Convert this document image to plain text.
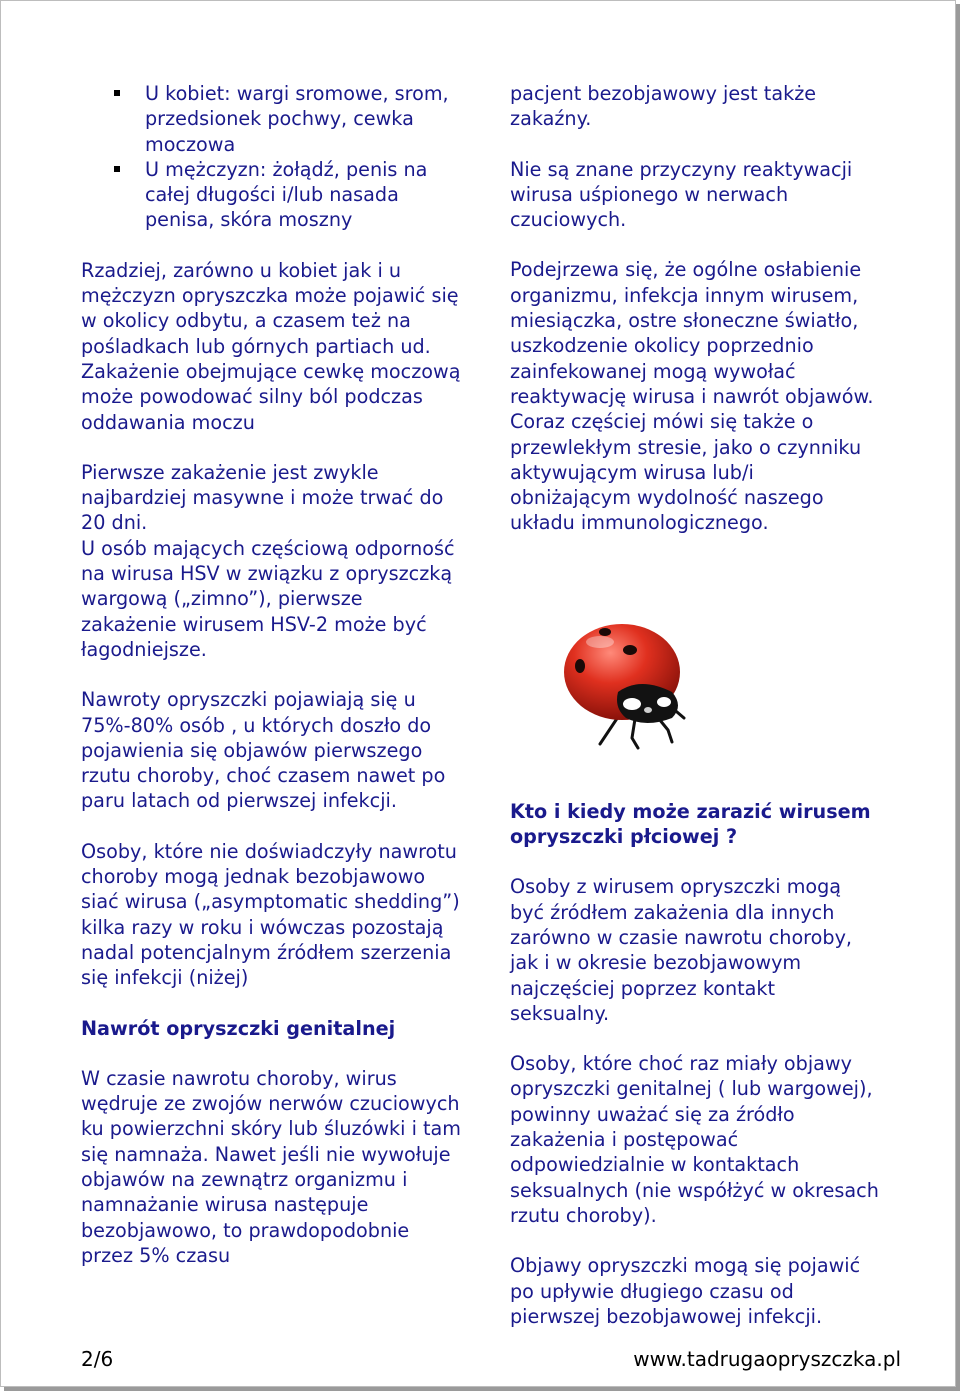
U kobiet: wargi sromowe, srom, przedsionek pochwy, cewka moczowa
U mężczyzn: żołądź, penis na całej długości i/lub nasada penisa, skóra moszny

Rzadziej, zarówno u kobiet jak i u mężczyzn opryszczka może pojawić się w okolicy odbytu, a czasem też na pośladkach lub górnych partiach ud.

Zakażenie obejmujące cewkę moczową może powodować silny ból podczas oddawania moczu

Pierwsze zakażenie jest zwykle najbardziej masywne i może trwać do 20 dni.

U osób mających częściową odporność na wirusa HSV w związku z opryszczką wargową („zimno”), pierwsze zakażenie wirusem HSV-2 może być łagodniejsze.

Nawroty opryszczki pojawiają się u 75%-80% osób , u których doszło do pojawienia się objawów pierwszego rzutu choroby, choć czasem nawet po paru latach od pierwszej infekcji.

Osoby, które nie doświadczyły nawrotu choroby mogą jednak bezobjawowo siać wirusa („asymptomatic shedding”) kilka razy w roku i wówczas pozostają nadal potencjalnym źródłem szerzenia się infekcji (niżej)

Nawrót opryszczki genitalnej

W czasie nawrotu choroby, wirus wędruje ze zwojów nerwów czuciowych ku powierzchni skóry lub śluzówki i tam się namnaża. Nawet jeśli nie wywołuje objawów na zewnątrz organizmu i namnażanie wirusa następuje bezobjawowo, to prawdopodobnie przez 5% czasu

pacjent bezobjawowy jest także zakaźny.

Nie są znane przyczyny reaktywacji wirusa uśpionego w nerwach czuciowych.

Podejrzewa się, że ogólne osłabienie organizmu, infekcja innym wirusem, miesiączka, ostre słoneczne światło, uszkodzenie okolicy poprzednio zainfekowanej mogą wywołać reaktywację wirusa i nawrót objawów. Coraz częściej mówi się także o przewlekłym stresie, jako o czynniku aktywującym wirusa lub/i obniżającym wydolność naszego układu immunologicznego.

Kto i kiedy może zarazić wirusem opryszczki płciowej ?

Osoby z wirusem opryszczki mogą być źródłem zakażenia dla innych zarówno w czasie nawrotu choroby, jak i w okresie bezobjawowym najczęściej poprzez kontakt seksualny.

Osoby, które choć raz miały objawy opryszczki genitalnej ( lub wargowej), powinny uważać się za źródło zakażenia i postępować odpowiedzialnie w kontaktach seksualnych (nie współżyć w okresach rzutu choroby).

Objawy opryszczki mogą się pojawić po upływie długiego czasu od pierwszej bezobjawowej infekcji.

2/6	www.tadrugaopryszczka.pl
